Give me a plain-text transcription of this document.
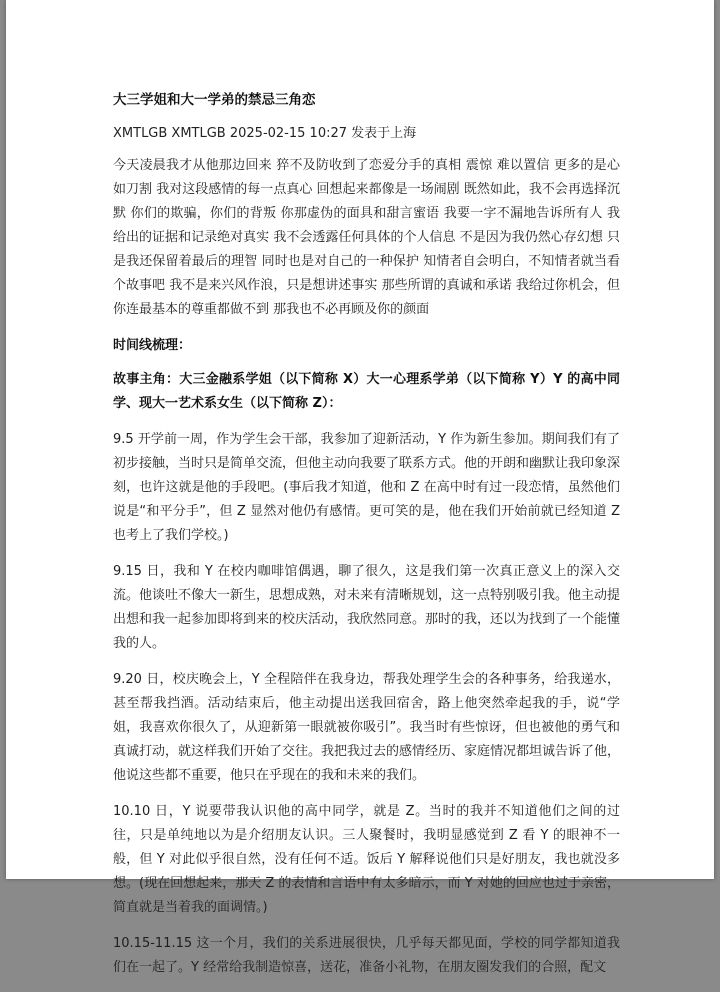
大三学姐和大一学弟的禁忌三角恋
XMTLGB XMTLGB 2025-02-15 10:27 发表于上海
今天凌晨我才从他那边回来 猝不及防收到了恋爱分手的真相 震惊 难以置信 更多的是心如刀割 我对这段感情的每一点真心 回想起来都像是一场闹剧 既然如此，我不会再选择沉默 你们的欺骗，你们的背叛 你那虚伪的面具和甜言蜜语 我要一字不漏地告诉所有人 我给出的证据和记录绝对真实 我不会透露任何具体的个人信息 不是因为我仍然心存幻想 只是我还保留着最后的理智 同时也是对自己的一种保护 知情者自会明白，不知情者就当看个故事吧 我不是来兴风作浪，只是想讲述事实 那些所谓的真诚和承诺 我给过你机会，但你连最基本的尊重都做不到 那我也不必再顾及你的颜面
时间线梳理：
故事主角：大三金融系学姐（以下简称 X）大一心理系学弟（以下简称 Y）Y 的高中同学、现大一艺术系女生（以下简称 Z）：
9.5 开学前一周，作为学生会干部，我参加了迎新活动，Y 作为新生参加。期间我们有了初步接触，当时只是简单交流，但他主动向我要了联系方式。他的开朗和幽默让我印象深刻，也许这就是他的手段吧。(事后我才知道，他和 Z 在高中时有过一段恋情，虽然他们说是“和平分手”，但 Z 显然对他仍有感情。更可笑的是，他在我们开始前就已经知道 Z 也考上了我们学校。)
9.15 日，我和 Y 在校内咖啡馆偶遇，聊了很久，这是我们第一次真正意义上的深入交流。他谈吐不像大一新生，思想成熟，对未来有清晰规划，这一点特别吸引我。他主动提出想和我一起参加即将到来的校庆活动，我欣然同意。那时的我，还以为找到了一个能懂我的人。
9.20 日，校庆晚会上，Y 全程陪伴在我身边，帮我处理学生会的各种事务，给我递水，甚至帮我挡酒。活动结束后，他主动提出送我回宿舍，路上他突然牵起我的手，说“学姐，我喜欢你很久了，从迎新第一眼就被你吸引”。我当时有些惊讶，但也被他的勇气和真诚打动，就这样我们开始了交往。我把我过去的感情经历、家庭情况都坦诚告诉了他，他说这些都不重要，他只在乎现在的我和未来的我们。
10.10 日，Y 说要带我认识他的高中同学，就是 Z。当时的我并不知道他们之间的过往，只是单纯地以为是介绍朋友认识。三人聚餐时，我明显感觉到 Z 看 Y 的眼神不一般，但 Y 对此似乎很自然，没有任何不适。饭后 Y 解释说他们只是好朋友，我也就没多想。(现在回想起来，那天 Z 的表情和言语中有太多暗示，而 Y 对她的回应也过于亲密，简直就是当着我的面调情。)
10.15-11.15 这一个月，我们的关系进展很快，几乎每天都见面，学校的同学都知道我们在一起了。Y 经常给我制造惊喜，送花，准备小礼物，在朋友圈发我们的合照，配文
